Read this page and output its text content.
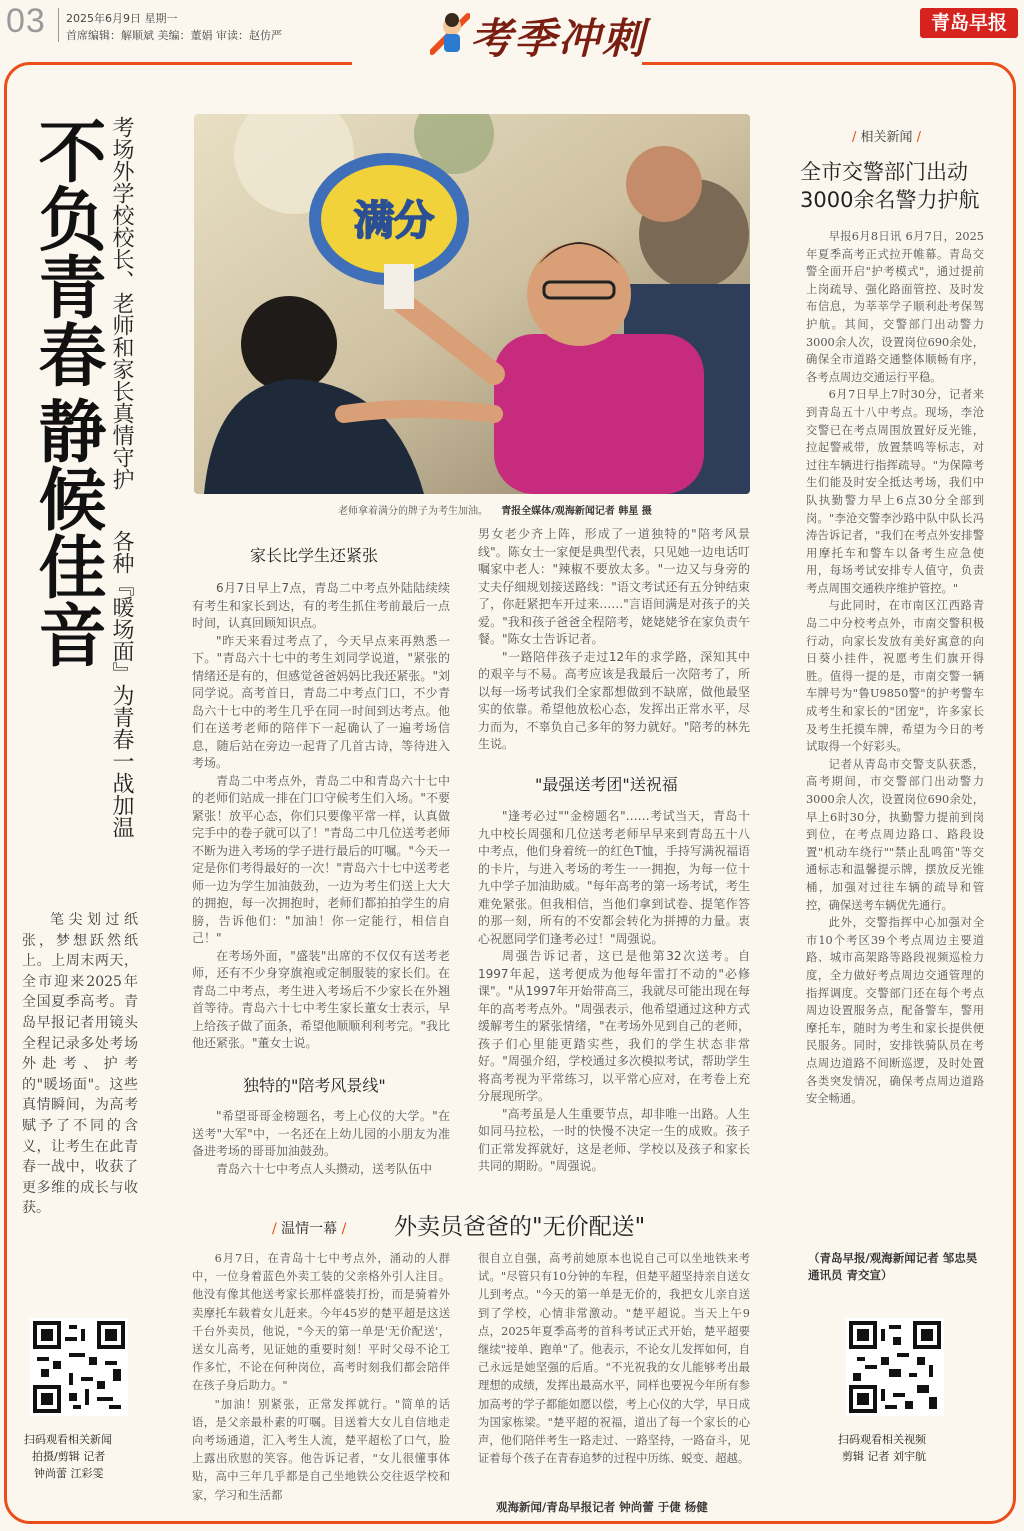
03 2025年6月9日 星期一
首席编辑：解顺斌 美编：董娟 审读：赵仿严	考季冲刺	青岛早报
不负青春
静候佳音
考场外学校校长、老师和家长真情守护
各种『暖场面』为青春一战加温

笔尖划过纸张，梦想跃然纸上。上周末两天，全市迎来2025年全国夏季高考。青岛早报记者用镜头全程记录多处考场外赴考、护考的"暖场面"。这些真情瞬间，为高考赋予了不同的含义，让考生在此青春一战中，收获了更多维的成长与收获。

扫码观看相关新闻
拍摄/剪辑 记者
钟尚蕾 江彩雯
满分
老师拿着满分的牌子为考生加油。 青报全媒体/观海新闻记者 韩星 摄
家长比学生还紧张

6月7日早上7点，青岛二中考点外陆陆续续有考生和家长到达，有的考生抓住考前最后一点时间，认真回顾知识点。

"昨天来看过考点了，今天早点来再熟悉一下。"青岛六十七中的考生刘同学说道，"紧张的情绪还是有的，但感觉爸爸妈妈比我还紧张。"刘同学说。高考首日，青岛二中考点门口，不少青岛六十七中的考生几乎在同一时间到达考点。他们在送考老师的陪伴下一起确认了一遍考场信息，随后站在旁边一起背了几首古诗，等待进入考场。

青岛二中考点外，青岛二中和青岛六十七中的老师们站成一排在门口守候考生们入场。"不要紧张！放平心态，你们只要像平常一样，认真做完手中的卷子就可以了！"青岛二中几位送考老师不断为进入考场的学子进行最后的叮嘱。"今天一定是你们考得最好的一次！"青岛六十七中送考老师一边为学生加油鼓劲，一边为考生们送上大大的拥抱，每一次拥抱时，老师们都拍拍学生的肩膀，告诉他们："加油！你一定能行，相信自己！"

在考场外面，"盛装"出席的不仅仅有送考老师，还有不少身穿旗袍或定制服装的家长们。在青岛二中考点，考生进入考场后不少家长在外翘首等待。青岛六十七中考生家长董女士表示，早上给孩子做了面条，希望他顺顺利利考完。"我比他还紧张。"董女士说。

独特的"陪考风景线"

"希望哥哥金榜题名，考上心仪的大学。"在送考"大军"中，一名还在上幼儿园的小朋友为准备进考场的哥哥加油鼓劲。

青岛六十七中考点人头攒动，送考队伍中

男女老少齐上阵，形成了一道独特的"陪考风景线"。陈女士一家便是典型代表，只见她一边电话叮嘱家中老人："辣椒不要放太多。"一边又与身旁的丈夫仔细规划接送路线："语文考试还有五分钟结束了，你赶紧把车开过来……"言语间满是对孩子的关爱。"我和孩子爸爸全程陪考，姥姥姥爷在家负责午餐。"陈女士告诉记者。

"一路陪伴孩子走过12年的求学路，深知其中的艰辛与不易。高考应该是我最后一次陪考了，所以每一场考试我们全家都想做到不缺席，做他最坚实的依靠。希望他放松心态，发挥出正常水平，尽力而为，不辜负自己多年的努力就好。"陪考的林先生说。

"最强送考团"送祝福

"逢考必过""金榜题名"……考试当天，青岛十九中校长周强和几位送考老师早早来到青岛五十八中考点，他们身着统一的红色T恤，手持写满祝福语的卡片，与进入考场的考生一一拥抱，为每一位十九中学子加油助威。"每年高考的第一场考试，考生难免紧张。但我相信，当他们拿到试卷、提笔作答的那一刻，所有的不安都会转化为拼搏的力量。衷心祝愿同学们逢考必过！"周强说。

周强告诉记者，这已是他第32次送考。自1997年起，送考便成为他每年雷打不动的"必修课"。"从1997年开始带高三，我就尽可能出现在每年的高考考点外。"周强表示，他希望通过这种方式缓解考生的紧张情绪，"在考场外见到自己的老师，孩子们心里能更踏实些，我们的学生状态非常好。"周强介绍，学校通过多次模拟考试，帮助学生将高考视为平常练习，以平常心应对，在考卷上充分展现所学。

"高考虽是人生重要节点，却非唯一出路。人生如同马拉松，一时的快慢不决定一生的成败。孩子们正常发挥就好，这是老师、学校以及孩子和家长共同的期盼。"周强说。

/ 相关新闻 /
全市交警部门出动
3000余名警力护航

早报6月8日讯 6月7日，2025年夏季高考正式拉开帷幕。青岛交警全面开启"护考模式"，通过提前上岗疏导、强化路面管控、及时发布信息，为莘莘学子顺利赴考保驾护航。其间，交警部门出动警力3000余人次，设置岗位690余处，确保全市道路交通整体顺畅有序，各考点周边交通运行平稳。

6月7日早上7时30分，记者来到青岛五十八中考点。现场，李沧交警已在考点周围放置好反光锥，拉起警戒带，放置禁鸣等标志，对过往车辆进行指挥疏导。"为保障考生们能及时安全抵达考场，我们中队执勤警力早上6点30分全部到岗。"李沧交警李沙路中队中队长冯涛告诉记者，"我们在考点外安排警用摩托车和警车以备考生应急使用，每场考试安排专人值守，负责考点周围交通秩序维护管控。"

与此同时，在市南区江西路青岛二中分校考点外，市南交警积极行动，向家长发放有美好寓意的向日葵小挂件，祝愿考生们旗开得胜。值得一提的是，市南交警一辆车牌号为"鲁U9850警"的护考警车成考生和家长的"团宠"，许多家长及考生托摸车牌，希望为今日的考试取得一个好彩头。

记者从青岛市交警支队获悉，高考期间，市交警部门出动警力3000余人次，设置岗位690余处，早上6时30分，执勤警力提前到岗到位，在考点周边路口、路段设置"机动车绕行""禁止乱鸣笛"等交通标志和温馨提示牌，摆放反光锥桶，加强对过往车辆的疏导和管控，确保送考车辆优先通行。

此外，交警指挥中心加强对全市10个考区39个考点周边主要道路、城市高架路等路段视频巡检力度，全力做好考点周边交通管理的指挥调度。交警部门还在每个考点周边设置服务点，配备警车，警用摩托车，随时为考生和家长提供便民服务。同时，安排铁骑队员在考点周边道路不间断巡逻，及时处置各类突发情况，确保考点周边道路安全畅通。

（青岛早报/观海新闻记者 邹忠昊 通讯员 青交宣）
扫码观看相关视频
剪辑 记者 刘宇航
/ 温情一幕 / 外卖员爸爸的"无价配送"

6月7日，在青岛十七中考点外，涌动的人群中，一位身着蓝色外卖工装的父亲格外引人注目。他没有像其他送考家长那样盛装打扮，而是骑着外卖摩托车载着女儿赶来。今年45岁的楚平超是这送千台外卖员，他说，"今天的第一单是'无价配送'，送女儿高考，见证她的重要时刻！平时父母不论工作多忙，不论在何种岗位，高考时刻我们都会陪伴在孩子身后助力。"

"加油！别紧张，正常发挥就行。"简单的话语，是父亲最朴素的叮嘱。目送着大女儿自信地走向考场通道，汇入考生人流，楚平超松了口气，脸上露出欣慰的笑容。他告诉记者，"女儿很懂事体贴，高中三年几乎都是自己坐地铁公交往返学校和家，学习和生活都

很自立自强，高考前她原本也说自己可以坐地铁来考试。"尽管只有10分钟的车程，但楚平超坚持亲自送女儿到考点。"今天的第一单是无价的，我把女儿亲自送到了学校，心情非常激动。"楚平超说。当天上午9点，2025年夏季高考的首科考试正式开始，楚平超要继续"接单、跑单"了。他表示，不论女儿发挥如何，自己永远是她坚强的后盾。"不光祝我的女儿能够考出最理想的成绩，发挥出最高水平，同样也要祝今年所有参加高考的学子都能如愿以偿，考上心仪的大学，早日成为国家栋梁。"楚平超的祝福，道出了每一个家长的心声，他们陪伴考生一路走过、一路坚持，一路奋斗，见证着每个孩子在青春追梦的过程中历练、蜕变、超越。

观海新闻/青岛早报记者 钟尚蕾 于倢 杨健
